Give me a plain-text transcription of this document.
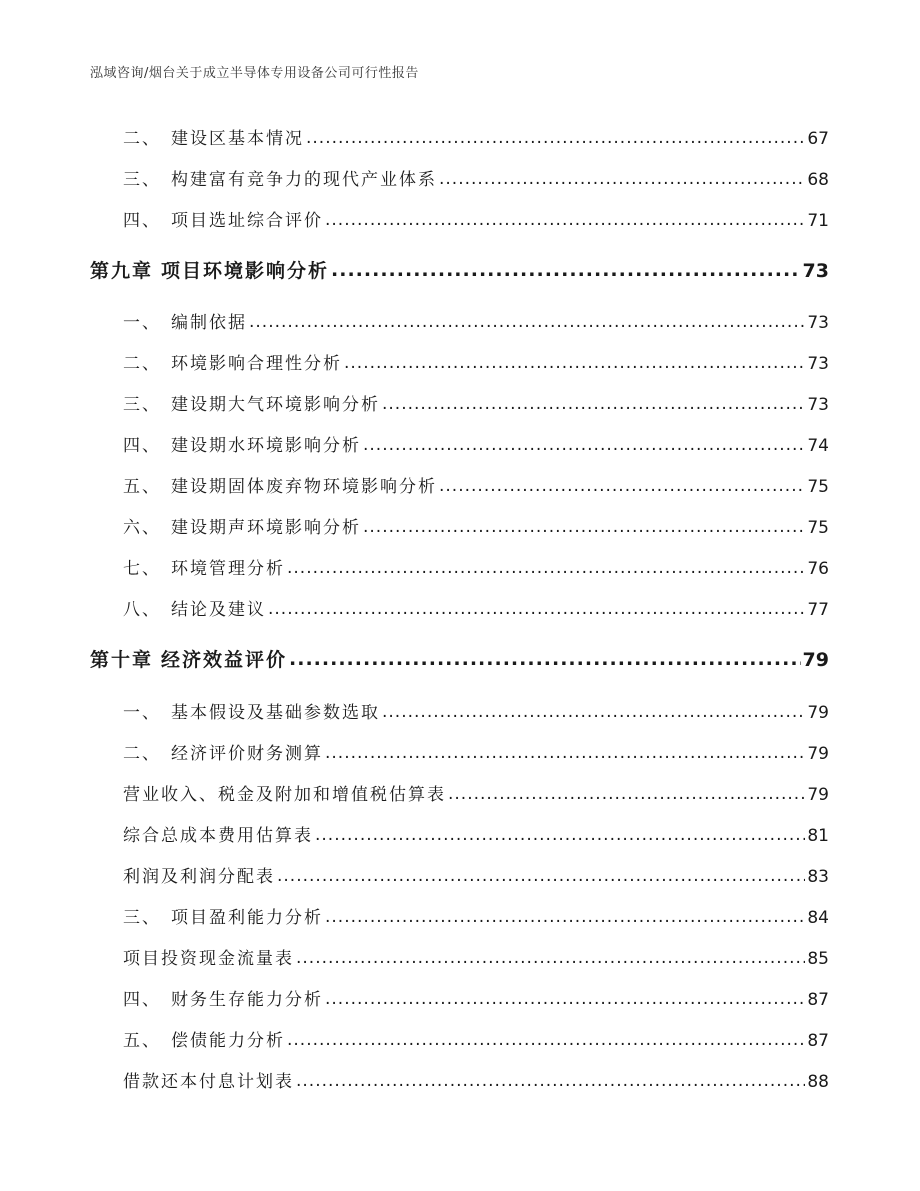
泓域咨询/烟台关于成立半导体专用设备公司可行性报告
二、 建设区基本情况 .....	67
三、 构建富有竞争力的现代产业体系 .....	68
四、 项目选址综合评价 .....	71
第九章 项目环境影响分析 .....	73
一、 编制依据 .....	73
二、 环境影响合理性分析 .....	73
三、 建设期大气环境影响分析 .....	73
四、 建设期水环境影响分析 .....	74
五、 建设期固体废弃物环境影响分析 .....	75
六、 建设期声环境影响分析 .....	75
七、 环境管理分析 .....	76
八、 结论及建议 .....	77
第十章 经济效益评价 .....	79
一、 基本假设及基础参数选取 .....	79
二、 经济评价财务测算 .....	79
营业收入、税金及附加和增值税估算表 .....	79
综合总成本费用估算表 .....	81
利润及利润分配表 .....	83
三、 项目盈利能力分析 .....	84
项目投资现金流量表 .....	85
四、 财务生存能力分析 .....	87
五、 偿债能力分析 .....	87
借款还本付息计划表 .....	88
